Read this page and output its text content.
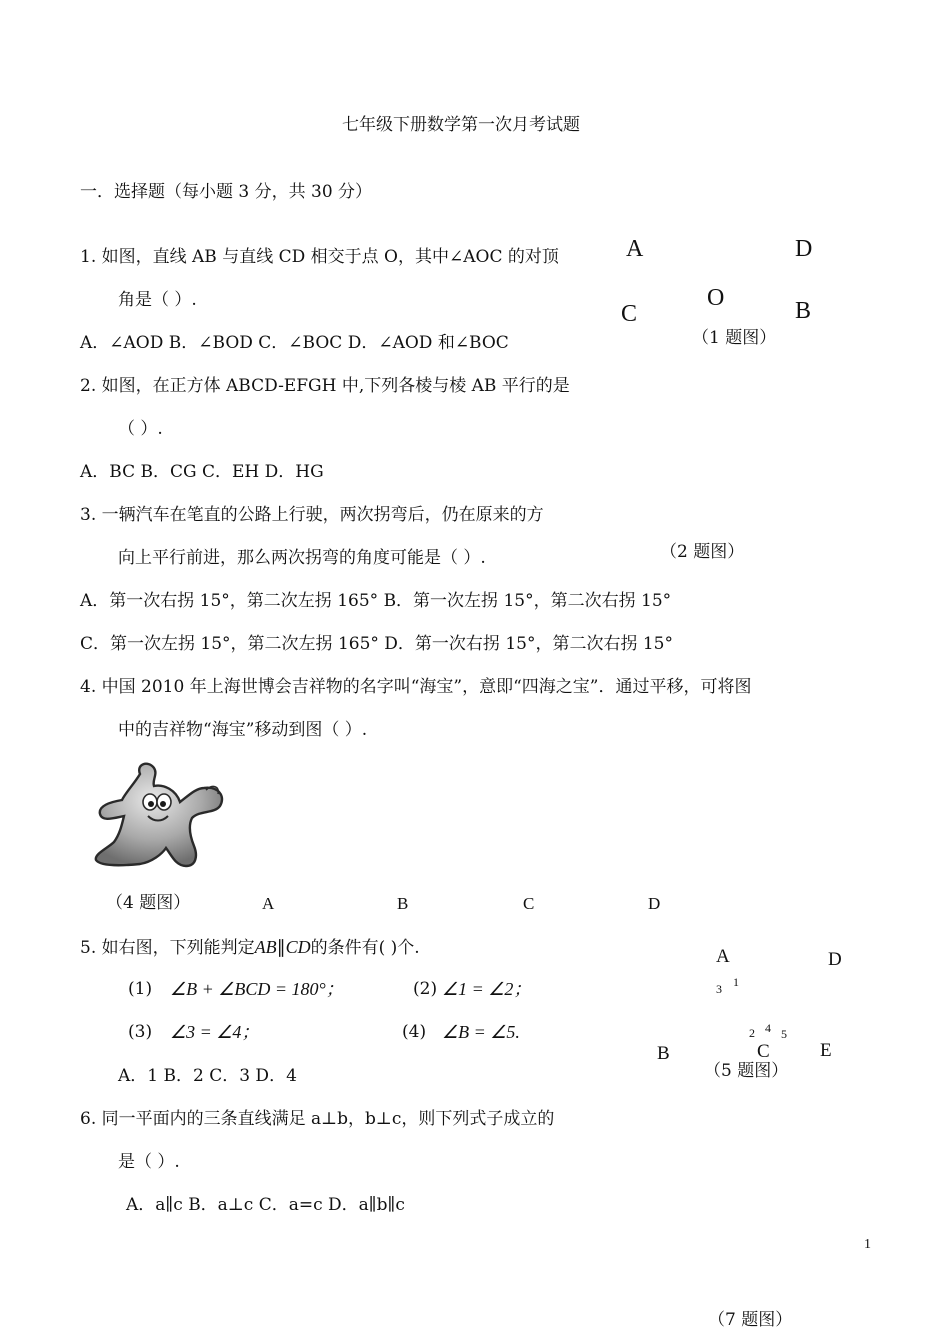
七年级下册数学第一次月考试题
一．选择题（每小题 3 分，共 30 分）
1. 如图，直线 AB 与直线 CD 相交于点 O，其中∠AOC 的对顶
角是（ ）.
A．∠AOD B．∠BOD C．∠BOC D．∠AOD 和∠BOC
A	D
O
C	B
（1 题图）
2. 如图，在正方体 ABCD-EFGH 中,下列各棱与棱 AB 平行的是
（ ）.
A．BC B．CG C．EH D．HG
3. 一辆汽车在笔直的公路上行驶，两次拐弯后，仍在原来的方
向上平行前进，那么两次拐弯的角度可能是（ ）.	（2 题图）
A．第一次右拐 15°，第二次左拐 165° B．第一次左拐 15°，第二次右拐 15°
C．第一次左拐 15°，第二次左拐 165° D．第一次右拐 15°，第二次右拐 15°
4. 中国 2010 年上海世博会吉祥物的名字叫“海宝”，意即“四海之宝”．通过平移，可将图
中的吉祥物“海宝”移动到图（ ）.
（4 题图）	A	B	C	D
5. 如右图，下列能判定AB∥CD的条件有( )个.
(1) ∠B + ∠BCD = 180°；	(2) ∠1 = ∠2；
(3) ∠3 = ∠4；	(4) ∠B = ∠5.
A．1 B．2 C．3 D．4
A	D
3 1
2 4 5
B	C	E
（5 题图）
6. 同一平面内的三条直线满足 a⊥b，b⊥c，则下列式子成立的
是（ ）.
A．a∥c B．a⊥c C．a=c D．a∥b∥c
1
（7 题图）
